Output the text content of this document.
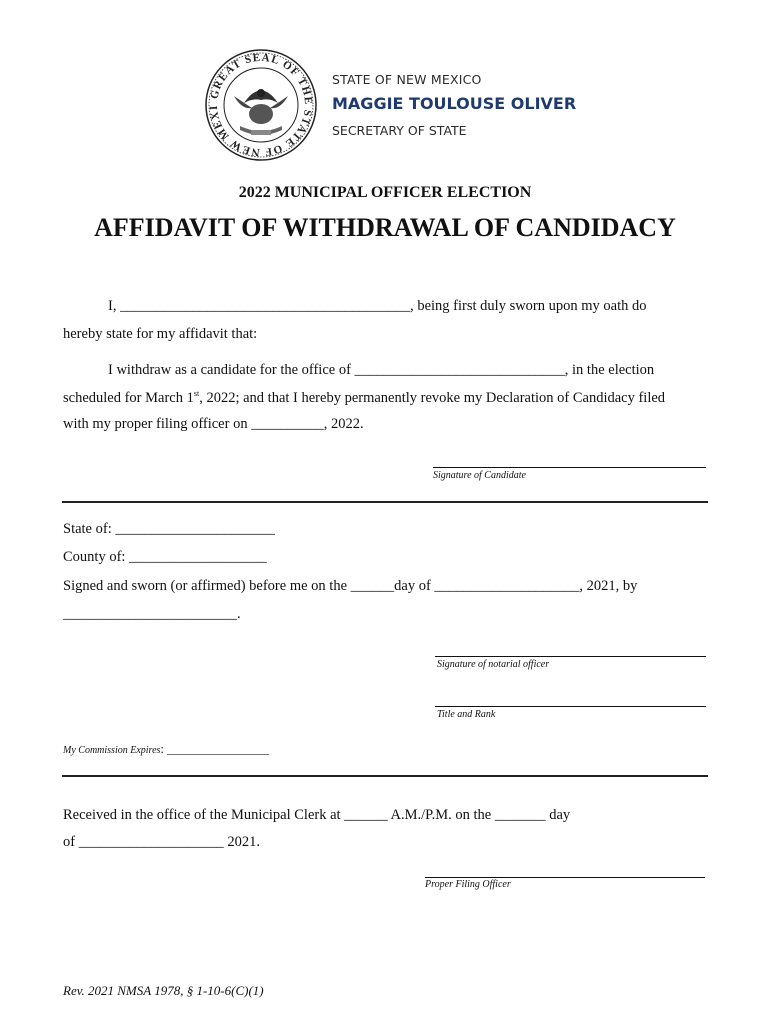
GREAT SEAL OF THE STATE OF NEW MEXI
STATE OF NEW MEXICO
MAGGIE TOULOUSE OLIVER
SECRETARY OF STATE
2022 MUNICIPAL OFFICER ELECTION
AFFIDAVIT OF WITHDRAWAL OF CANDIDACY
I, ________________________________________, being first duly sworn upon my oath do
hereby state for my affidavit that:
I withdraw as a candidate for the office of _____________________________, in the election
scheduled for March 1st, 2022; and that I hereby permanently revoke my Declaration of Candidacy filed
with my proper filing officer on __________, 2022.
Signature of Candidate
State of: ______________________
County of: ___________________
Signed and sworn (or affirmed) before me on the ______day of ____________________, 2021, by
________________________.
Signature of notarial officer
Title and Rank
My Commission Expires: _________________
Received in the office of the Municipal Clerk at ______ A.M./P.M. on the _______ day
of ____________________ 2021.
Proper Filing Officer
Rev. 2021 NMSA 1978, § 1-10-6(C)(1)
